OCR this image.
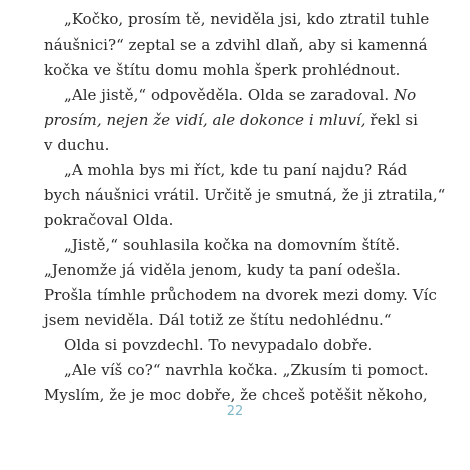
„Kočko, prosím tě, neviděla jsi, kdo ztratil tuhle
náušnici?“ zeptal se a zdvihl dlaň, aby si kamenná
kočka ve štítu domu mohla šperk prohlédnout.
„Ale jistě,“ odpověděla. Olda se zaradoval. No
prosím, nejen že vidí, ale dokonce i mluví, řekl si
v duchu.
„A mohla bys mi říct, kde tu paní najdu? Rád
bych náušnici vrátil. Určitě je smutná, že ji ztratila,“
pokračoval Olda.
„Jistě,“ souhlasila kočka na domovním štítě.
„Jenomže já viděla jenom, kudy ta paní odešla.
Prošla tímhle průchodem na dvorek mezi domy. Víc
jsem neviděla. Dál totiž ze štítu nedohlédnu.“
Olda si povzdechl. To nevypadalo dobře.
„Ale víš co?“ navrhla kočka. „Zkusím ti pomoct.
Myslím, že je moc dobře, že chceš potěšit někoho,
22
